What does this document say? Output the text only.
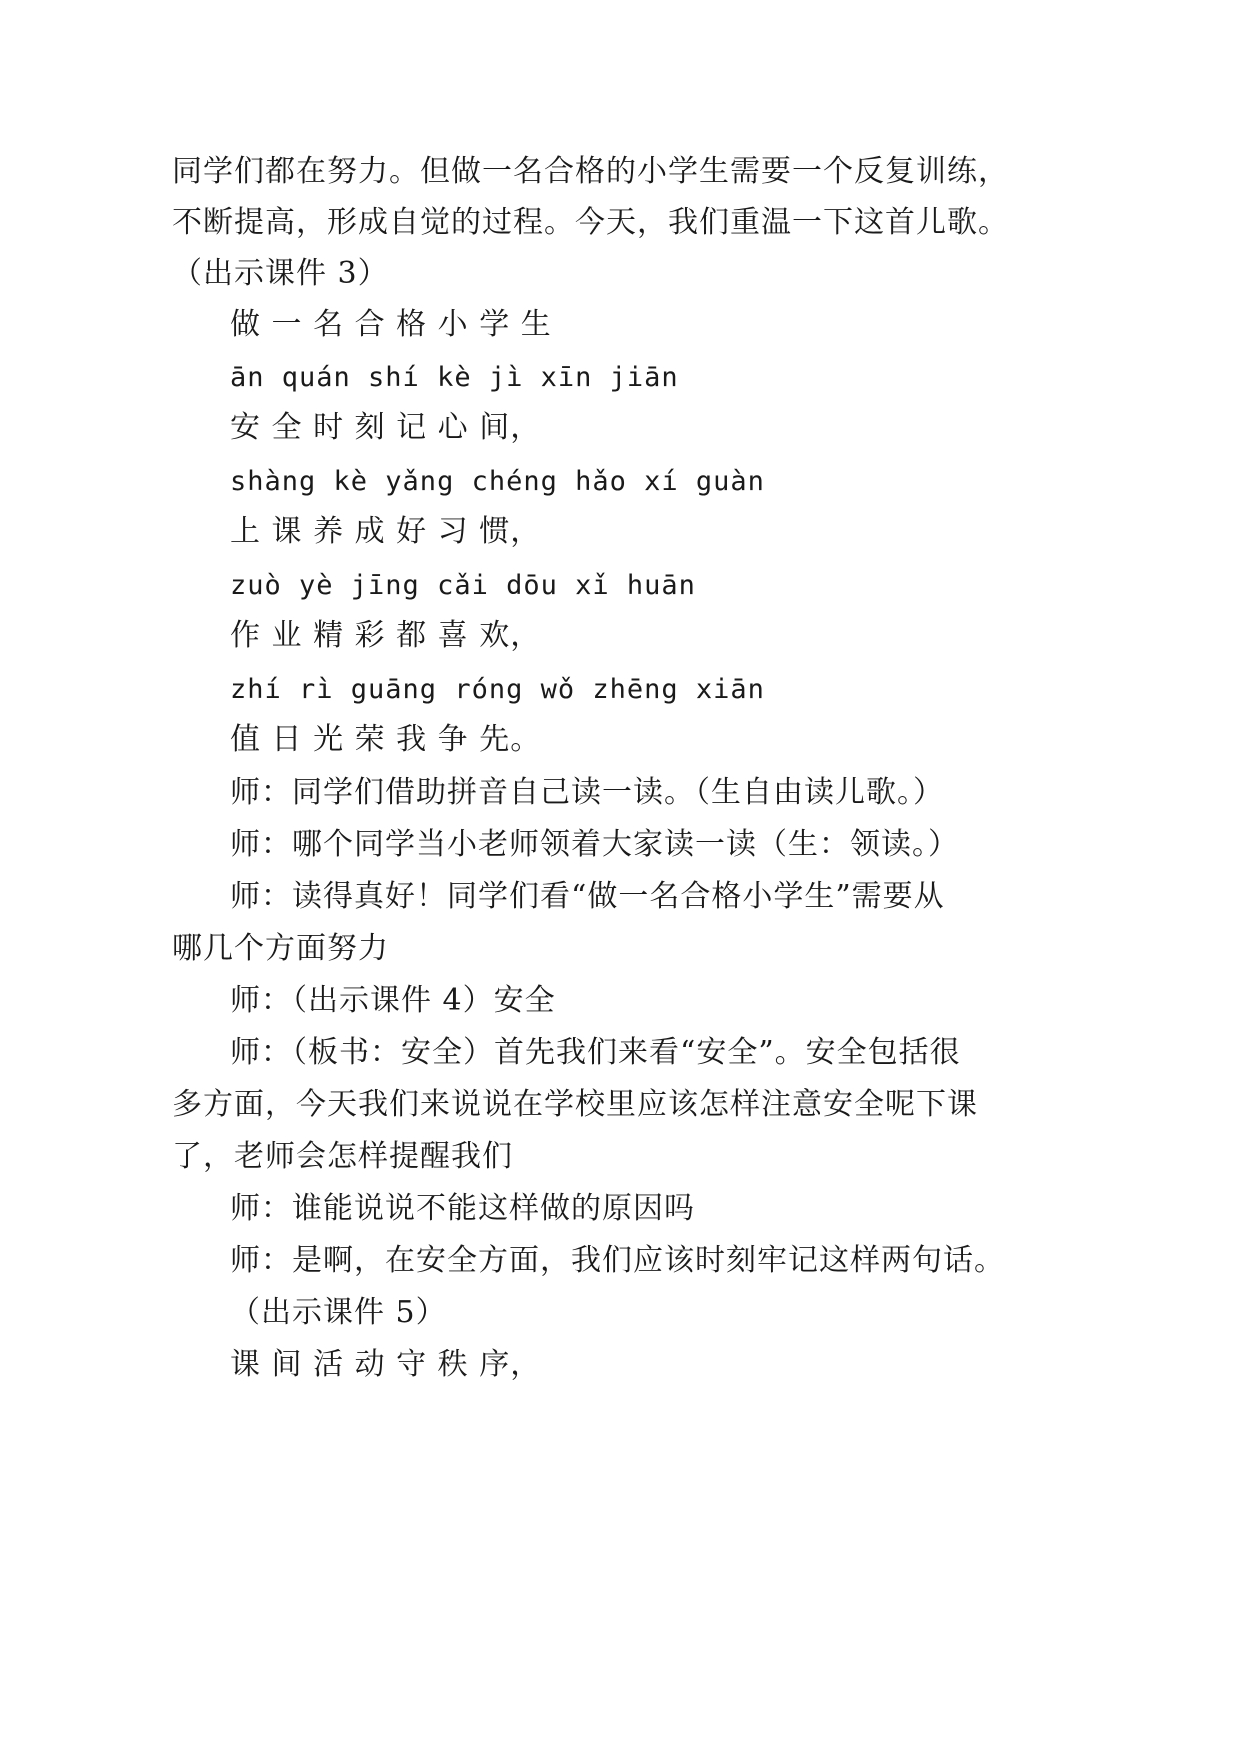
同学们都在努力。但做一名合格的小学生需要一个反复训练，
不断提高，形成自觉的过程。今天，我们重温一下这首儿歌。
（出示课件 3）
做 一 名 合 格 小 学 生
ān quán shí kè jì xīn jiān
安 全 时 刻 记 心 间，
shàng kè yǎng chéng hǎo xí guàn
上 课 养 成 好 习 惯，
zuò yè jīng cǎi dōu xǐ huān
作 业 精 彩 都 喜 欢，
zhí rì guāng róng wǒ zhēng xiān
值 日 光 荣 我 争 先。
师：同学们借助拼音自己读一读。（生自由读儿歌。）
师：哪个同学当小老师领着大家读一读（生：领读。）
师：读得真好！同学们看“做一名合格小学生”需要从
哪几个方面努力
师：（出示课件 4）安全
师：（板书：安全）首先我们来看“安全”。安全包括很
多方面，今天我们来说说在学校里应该怎样注意安全呢下课
了，老师会怎样提醒我们
师：谁能说说不能这样做的原因吗
师：是啊，在安全方面，我们应该时刻牢记这样两句话。
（出示课件 5）
课 间 活 动 守 秩 序，
